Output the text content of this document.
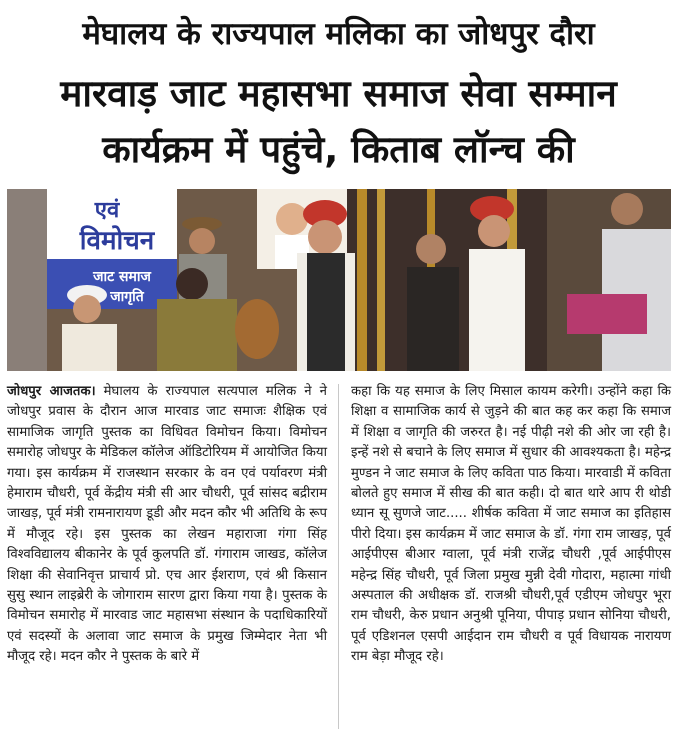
मेघालय के राज्यपाल मलिका का जोधपुर दौरा
मारवाड़ जाट महासभा समाज सेवा सम्मान
कार्यक्रम में पहुंचे, किताब लॉन्च की
एवं
विमोचन
जाट समाज
जागृति

जोधपुर आजतक। मेघालय के राज्यपाल सत्यपाल मलिक ने ने जोधपुर प्रवास के दौरान आज मारवाड जाट समाजः शैक्षिक एवं सामाजिक जागृति पुस्तक का विधिवत विमोचन किया। विमोचन समारोह जोधपुर के मेडिकल कॉलेज ऑडिटोरियम में आयोजित किया गया। इस कार्यक्रम में राजस्थान सरकार के वन एवं पर्यावरण मंत्री हेमाराम चौधरी, पूर्व केंद्रीय मंत्री सी आर चौधरी, पूर्व सांसद बद्रीराम जाखड़, पूर्व मंत्री रामनारायण डूडी और मदन कौर भी अतिथि के रूप में मौजूद रहे। इस पुस्तक का लेखन महाराजा गंगा सिंह विश्वविद्यालय बीकानेर के पूर्व कुलपति डॉ. गंगाराम जाखड, कॉलेज शिक्षा की सेवानिवृत्त प्राचार्य प्रो. एच आर ईशराण, एवं श्री किसान सुसु स्थान लाइब्रेरी के जोगाराम सारण द्वारा किया गया है। पुस्तक के विमोचन समारोह में मारवाड जाट महासभा संस्थान के पदाधिकारियों एवं सदस्यों के अलावा जाट समाज के प्रमुख जिम्मेदार नेता भी मौजूद रहे। मदन कौर ने पुस्तक के बारे में

कहा कि यह समाज के लिए मिसाल कायम करेगी। उन्होंने कहा कि शिक्षा व सामाजिक कार्य से जुड़ने की बात कह कर कहा कि समाज में शिक्षा व जागृति की जरुरत है। नई पीढ़ी नशे की ओर जा रही है। इन्हें नशे से बचाने के लिए समाज में सुधार की आवश्यकता है। महेन्द्र मुण्डन ने जाट समाज के लिए कविता पाठ किया। मारवाडी में कविता बोलते हुए समाज में सीख की बात कही। दो बात थारे आप री थोडी ध्यान सू सुणजे जाट..... शीर्षक कविता में जाट समाज का इतिहास पीरो दिया। इस कार्यक्रम में जाट समाज के डॉ. गंगा राम जाखड़, पूर्व आईपीएस बीआर ग्वाला, पूर्व मंत्री राजेंद्र चौधरी ,पूर्व आईपीएस महेन्द्र सिंह चौधरी, पूर्व जिला प्रमुख मुन्नी देवी गोदारा, महात्मा गांधी अस्पताल की अधीक्षक डॉ. राजश्री चौधरी,पूर्व एडीएम जोधपुर भूरा राम चौधरी, केरु प्रधान अनुश्री पूनिया, पीपाड़ प्रधान सोनिया चौधरी, पूर्व एडिशनल एसपी आईदान राम चौधरी व पूर्व विधायक नारायण राम बेड़ा मौजूद रहे।
